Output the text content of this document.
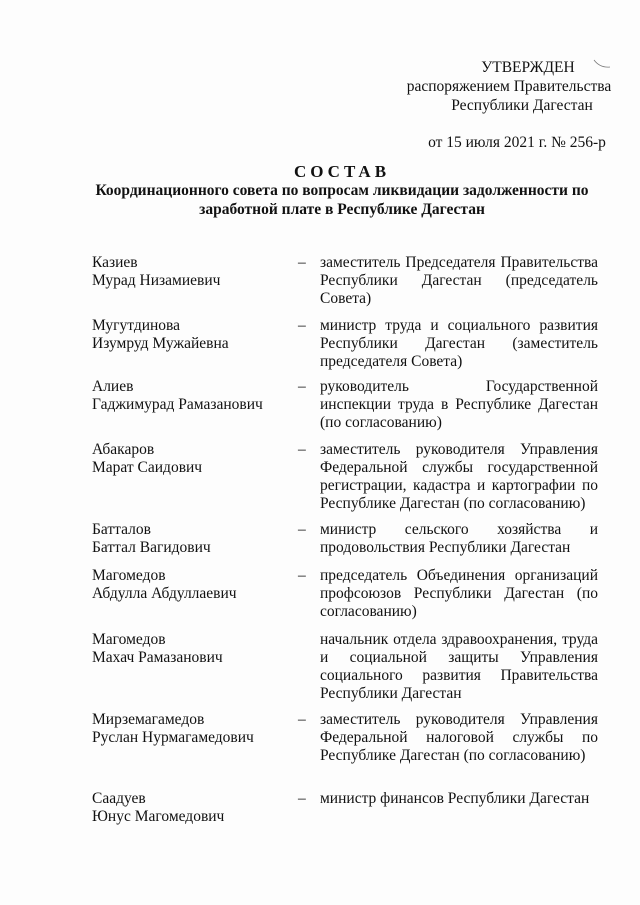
УТВЕРЖДЕН
распоряжением Правительства
Республики Дагестан
от 15 июля 2021 г. № 256-р
СОСТАВ
Координационного совета по вопросам ликвидации задолженности по заработной плате в Республике Дагестан
Казиев
Мурад Низамиевич
– заместитель Председателя Правительства Республики Дагестан (председатель Совета)
Мугутдинова
Изумруд Мужайевна
– министр труда и социального развития Республики Дагестан (заместитель председателя Совета)
Алиев
Гаджимурад Рамазанович
– руководитель Государственной инспекции труда в Республике Дагестан (по согласованию)
Абакаров
Марат Саидович
– заместитель руководителя Управления Федеральной службы государственной регистрации, кадастра и картографии по Республике Дагестан (по согласованию)
Батталов
Баттал Вагидович
– министр сельского хозяйства и продовольствия Республики Дагестан
Магомедов
Абдулла Абдуллаевич
– председатель Объединения организаций профсоюзов Республики Дагестан (по согласованию)
Магомедов
Махач Рамазанович
начальник отдела здравоохранения, труда и социальной защиты Управления социального развития Правительства Республики Дагестан
Мирземагамедов
Руслан Нурмагамедович
– заместитель руководителя Управления Федеральной налоговой службы по Республике Дагестан (по согласованию)
Саадуев
Юнус Магомедович
– министр финансов Республики Дагестан
